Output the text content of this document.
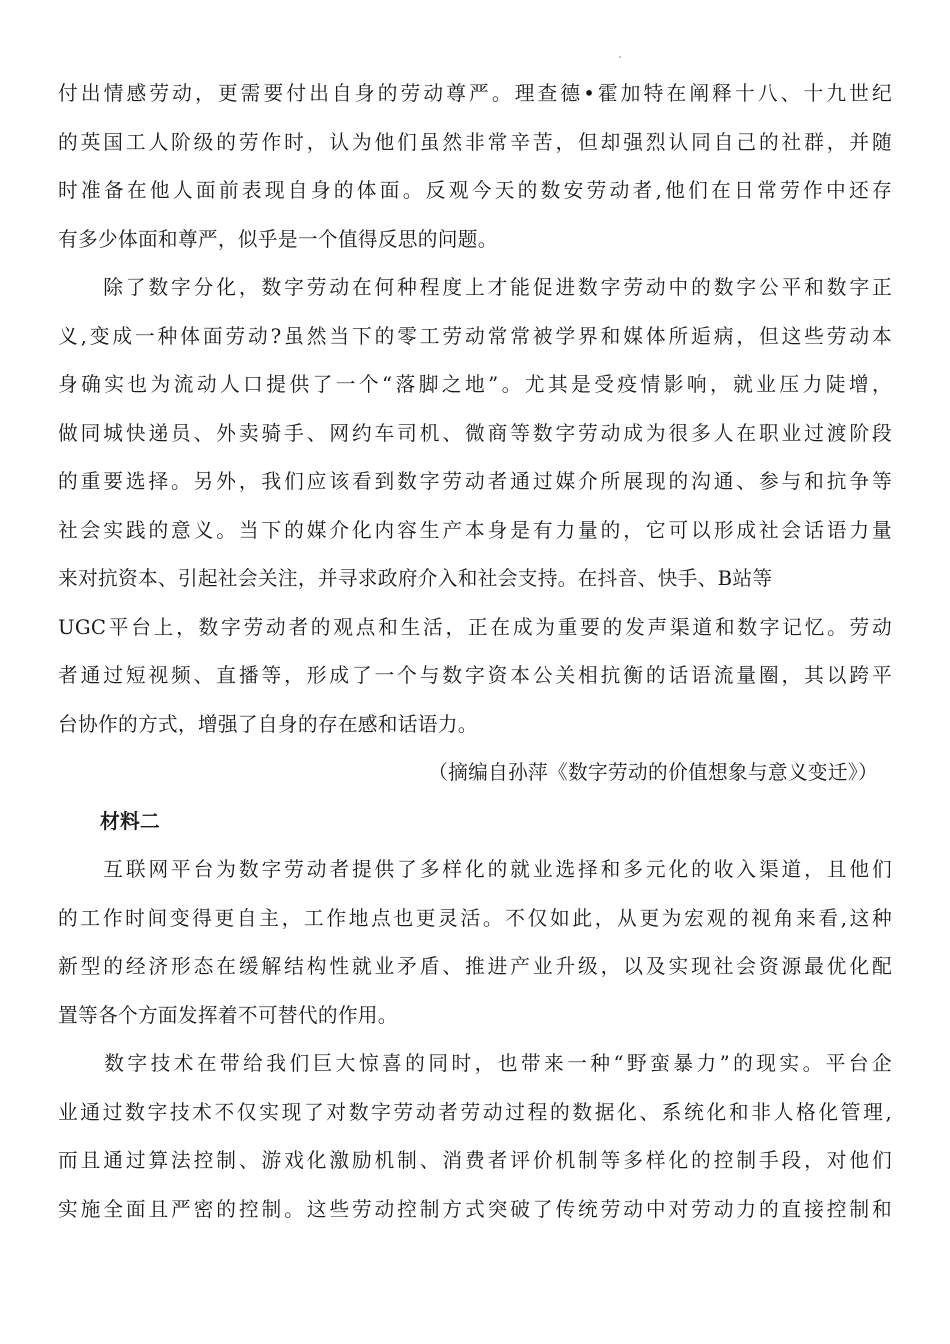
付出情感劳动，更需要付出自身的劳动尊严。理查德•霍加特在阐释十八、十九世纪
的英国工人阶级的劳作时，认为他们虽然非常辛苦，但却强烈认同自己的社群，并随
时准备在他人面前表现自身的体面。反观今天的数安劳动者,他们在日常劳作中还存
有多少体面和尊严，似乎是一个值得反思的问题。
　　除了数字分化，数字劳动在何种程度上才能促进数字劳动中的数字公平和数字正
义,变成一种体面劳动?虽然当下的零工劳动常常被学界和媒体所逅病，但这些劳动本
身确实也为流动人口提供了一个“落脚之地”。尤其是受疫情影响，就业压力陡增，
做同城快递员、外卖骑手、网约车司机、微商等数字劳动成为很多人在职业过渡阶段
的重要选择。另外，我们应该看到数字劳动者通过媒介所展现的沟通、参与和抗争等
社会实践的意义。当下的媒介化内容生产本身是有力量的，它可以形成社会话语力量
来对抗资本、引起社会关注，并寻求政府介入和社会支持。在抖音、快手、B站等
UGC平台上，数字劳动者的观点和生活，正在成为重要的发声渠道和数字记忆。劳动
者通过短视频、直播等，形成了一个与数字资本公关相抗衡的话语流量圈，其以跨平
台协作的方式，增强了自身的存在感和话语力。
（摘编自孙萍《数字劳动的价值想象与意义变迁》）
材料二
　　互联网平台为数字劳动者提供了多样化的就业选择和多元化的收入渠道，且他们
的工作时间变得更自主，工作地点也更灵活。不仅如此，从更为宏观的视角来看,这种
新型的经济形态在缓解结构性就业矛盾、推进产业升级，以及实现社会资源最优化配
置等各个方面发挥着不可替代的作用。
　　数字技术在带给我们巨大惊喜的同时，也带来一种“野蛮暴力”的现实。平台企
业通过数字技术不仅实现了对数字劳动者劳动过程的数据化、系统化和非人格化管理,
而且通过算法控制、游戏化激励机制、消费者评价机制等多样化的控制手段，对他们
实施全面且严密的控制。这些劳动控制方式突破了传统劳动中对劳动力的直接控制和
